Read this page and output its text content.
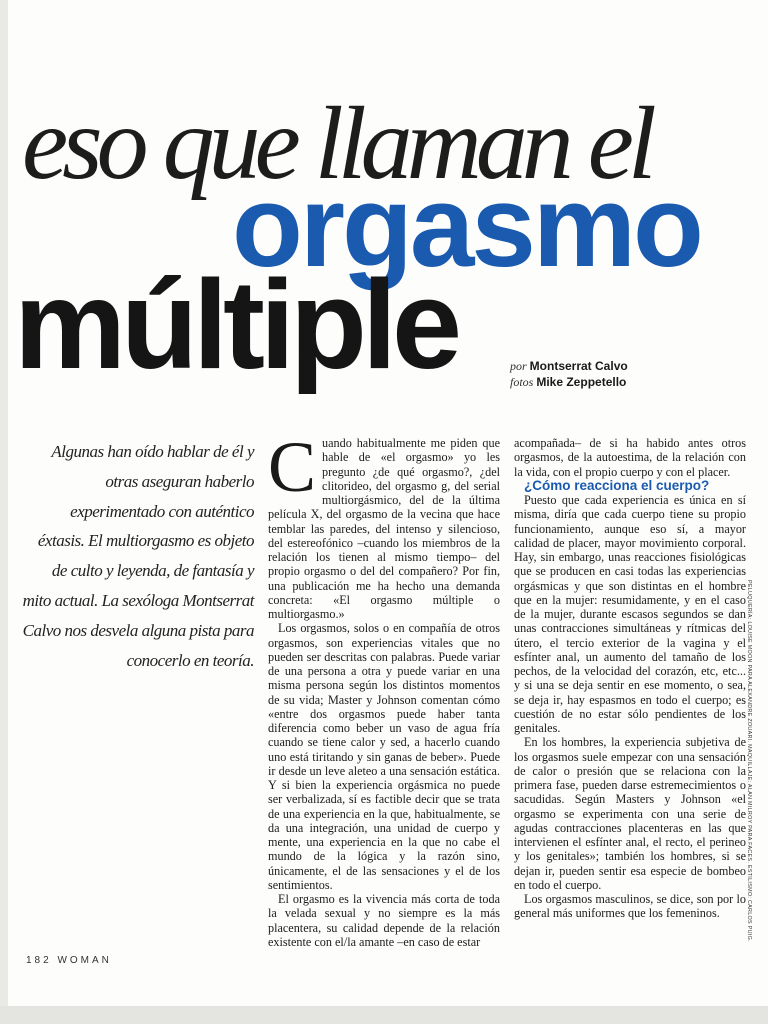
eso que llaman el
orgasmo
múltiple	por Montserrat Calvo
fotos Mike Zeppetello
Algunas han oído hablar de él y otras aseguran haberlo experimentado con auténtico éxtasis. El multiorgasmo es objeto de culto y leyenda, de fantasía y mito actual. La sexóloga Montserrat Calvo nos desvela alguna pista para conocerlo en teoría.
C uando habitualmente me piden que hable de «el orgasmo» yo les pregunto ¿de qué orgasmo?, ¿del clitorideo, del orgasmo g, del serial multiorgásmico, del de la última película X, del orgasmo de la vecina que hace temblar las paredes, del intenso y silencioso, del estereofónico –cuando los miembros de la relación los tienen al mismo tiempo– del propio orgasmo o del del compañero? Por fin, una publicación me ha hecho una demanda concreta: «El orgasmo múltiple o multiorgasmo.»

Los orgasmos, solos o en compañía de otros orgasmos, son experiencias vitales que no pueden ser descritas con palabras. Puede variar de una persona a otra y puede variar en una misma persona según los distintos momentos de su vida; Master y Johnson comentan cómo «entre dos orgasmos puede haber tanta diferencia como beber un vaso de agua fría cuando se tiene calor y sed, a hacerlo cuando uno está tiritando y sin ganas de beber». Puede ir desde un leve aleteo a una sensación estática. Y si bien la experiencia orgásmica no puede ser verbalizada, sí es factible decir que se trata de una experiencia en la que, habitualmente, se da una integración, una unidad de cuerpo y mente, una experiencia en la que no cabe el mundo de la lógica y la razón sino, únicamente, el de las sensaciones y el de los sentimientos.

El orgasmo es la vivencia más corta de toda la velada sexual y no siempre es la más placentera, su calidad depende de la relación existente con el/la amante –en caso de estar

acompañada– de si ha habido antes otros orgasmos, de la autoestima, de la relación con la vida, con el propio cuerpo y con el placer.

¿Cómo reacciona el cuerpo?

Puesto que cada experiencia es única en sí misma, diría que cada cuerpo tiene su propio funcionamiento, aunque eso sí, a mayor calidad de placer, mayor movimiento corporal. Hay, sin embargo, unas reacciones fisiológicas que se producen en casi todas las experiencias orgásmicas y que son distintas en el hombre que en la mujer: resumidamente, y en el caso de la mujer, durante escasos segundos se dan unas contracciones simultáneas y rítmicas del útero, el tercio exterior de la vagina y el esfínter anal, un aumento del tamaño de los pechos, de la velocidad del corazón, etc, etc... y si una se deja sentir en ese momento, o sea, se deja ir, hay espasmos en todo el cuerpo; es cuestión de no estar sólo pendientes de los genitales.

En los hombres, la experiencia subjetiva de los orgasmos suele empezar con una sensación de calor o presión que se relaciona con la primera fase, pueden darse estremecimientos o sacudidas. Según Masters y Johnson «el orgasmo se experimenta con una serie de agudas contracciones placenteras en las que intervienen el esfínter anal, el recto, el perineo y los genitales»; también los hombres, si se dejan ir, pueden sentir esa especie de bombeo en todo el cuerpo.

Los orgasmos masculinos, se dice, son por lo general más uniformes que los femeninos.	PELUQUERÍA: LOUISE MOON PARA ALEXANDRE ZOUARI. MAQUILLAJE: ALAN MILROY PARA FACES. ESTILISMO: CARLOS PUIG.
182 WOMAN
